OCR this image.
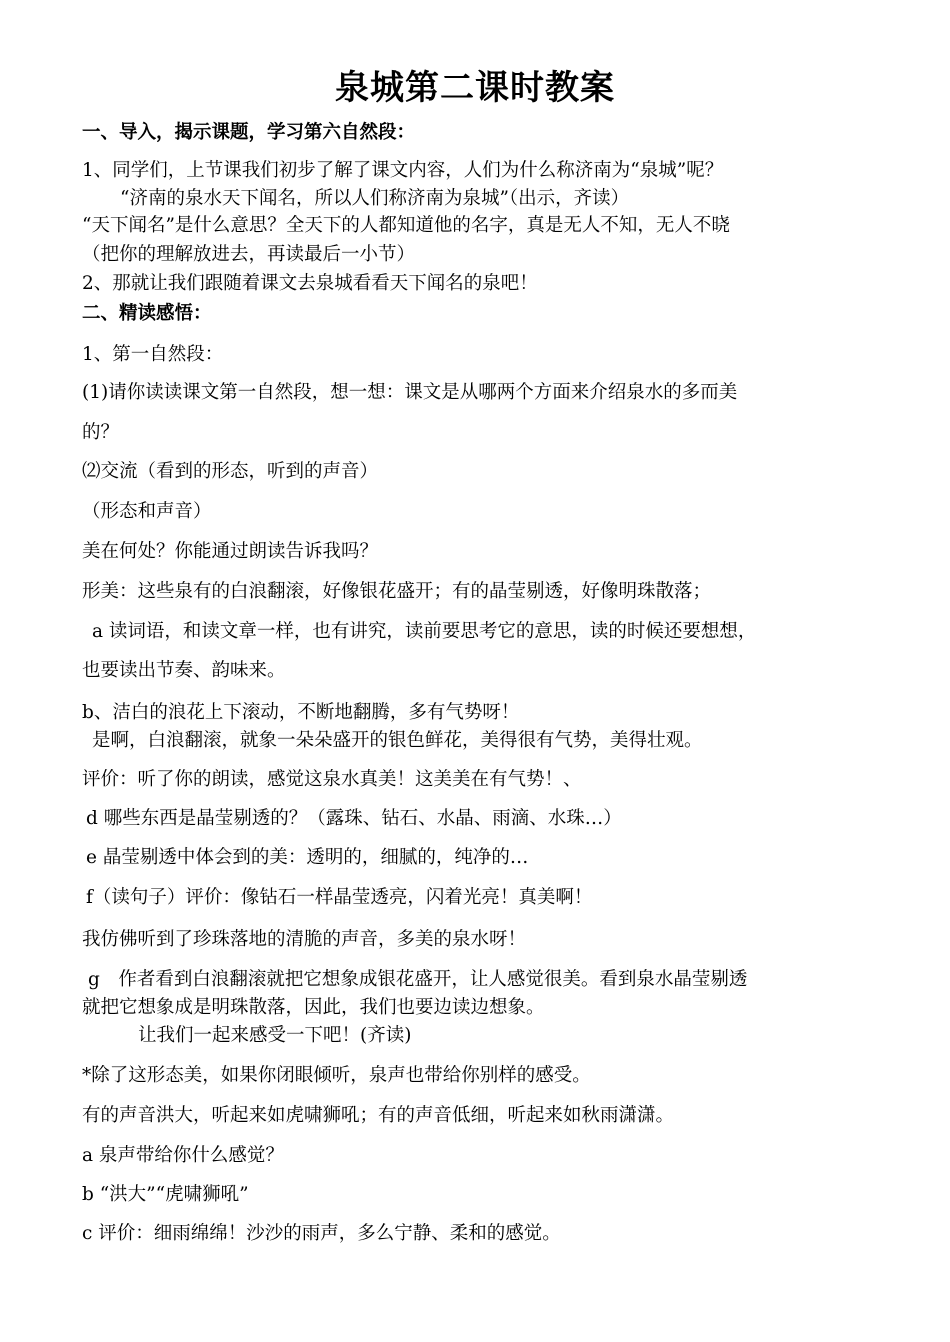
泉城第二课时教案
一、导入，揭示课题，学习第六自然段：
1、同学们，上节课我们初步了解了课文内容，人们为什么称济南为“泉城”呢？
“济南的泉水天下闻名，所以人们称济南为泉城”（出示，齐读）
“天下闻名”是什么意思？全天下的人都知道他的名字，真是无人不知，无人不晓
（把你的理解放进去，再读最后一小节）
2、那就让我们跟随着课文去泉城看看天下闻名的泉吧！
二、精读感悟：
1、第一自然段：
(1)请你读读课文第一自然段，想一想：课文是从哪两个方面来介绍泉水的多而美
的？
⑵交流（看到的形态，听到的声音）
（形态和声音）
美在何处？你能通过朗读告诉我吗？
形美：这些泉有的白浪翻滚，好像银花盛开；有的晶莹剔透，好像明珠散落；
a 读词语，和读文章一样，也有讲究，读前要思考它的意思，读的时候还要想想，
也要读出节奏、韵味来。
b、洁白的浪花上下滚动，不断地翻腾，多有气势呀！
是啊，白浪翻滚，就象一朵朵盛开的银色鲜花，美得很有气势，美得壮观。
评价：听了你的朗读，感觉这泉水真美！这美美在有气势！、
d 哪些东西是晶莹剔透的？（露珠、钻石、水晶、雨滴、水珠…）
e 晶莹剔透中体会到的美：透明的，细腻的，纯净的…
f（读句子）评价：像钻石一样晶莹透亮，闪着光亮！真美啊！
我仿佛听到了珍珠落地的清脆的声音，多美的泉水呀！
g　作者看到白浪翻滚就把它想象成银花盛开，让人感觉很美。看到泉水晶莹剔透
就把它想象成是明珠散落，因此，我们也要边读边想象。
让我们一起来感受一下吧！(齐读)
*除了这形态美，如果你闭眼倾听，泉声也带给你别样的感受。
有的声音洪大，听起来如虎啸狮吼；有的声音低细，听起来如秋雨潇潇。
a 泉声带给你什么感觉？
b “洪大”“虎啸狮吼”
c 评价：细雨绵绵！沙沙的雨声，多么宁静、柔和的感觉。
